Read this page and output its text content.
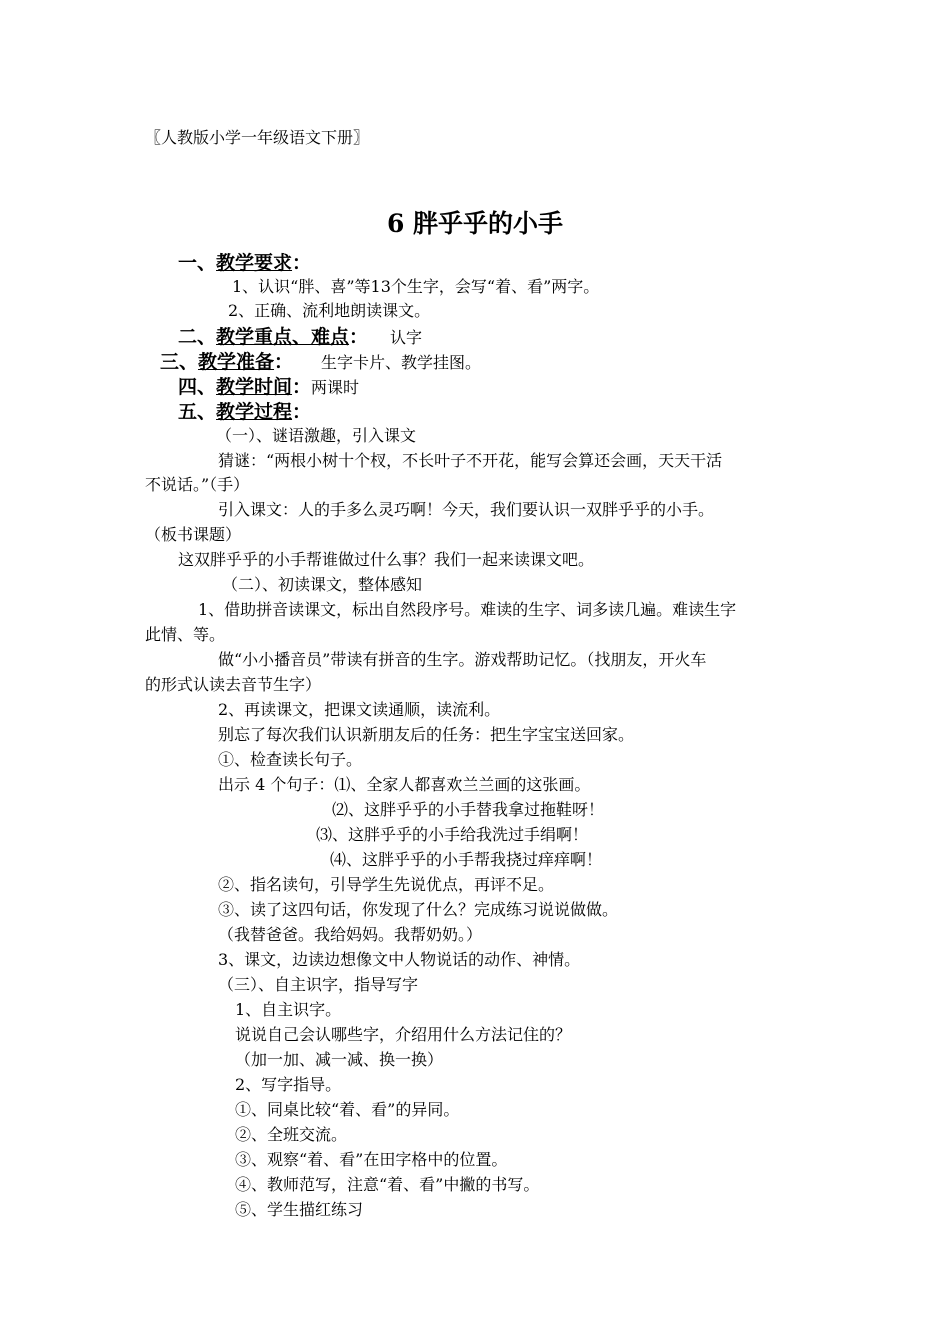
〖人教版小学一年级语文下册〗
6 胖乎乎的小手
一、教学要求：
1、认识“胖、喜”等13个生字，会写“着、看”两字。
2、正确、流利地朗读课文。
二、教学重点、难点： 认字
三、教学准备： 生字卡片、教学挂图。
四、教学时间：两课时
五、教学过程：
（一）、谜语激趣，引入课文
猜谜：“两根小树十个杈，不长叶子不开花，能写会算还会画，天天干活
不说话。”（手）
引入课文：人的手多么灵巧啊！今天，我们要认识一双胖乎乎的小手。
（板书课题）
这双胖乎乎的小手帮谁做过什么事？我们一起来读课文吧。
（二）、初读课文，整体感知
1、借助拼音读课文，标出自然段序号。难读的生字、词多读几遍。难读生字
此情、等。
做“小小播音员”带读有拼音的生字。游戏帮助记忆。（找朋友，开火车
的形式认读去音节生字）
2、再读课文，把课文读通顺，读流利。
别忘了每次我们认识新朋友后的任务：把生字宝宝送回家。
①、检查读长句子。
出示 4 个句子：⑴、全家人都喜欢兰兰画的这张画。
⑵、这胖乎乎的小手替我拿过拖鞋呀！
⑶、这胖乎乎的小手给我洗过手绢啊！
⑷、这胖乎乎的小手帮我挠过痒痒啊！
②、指名读句，引导学生先说优点，再评不足。
③、读了这四句话，你发现了什么？完成练习说说做做。
（我替爸爸。我给妈妈。我帮奶奶。）
3、课文，边读边想像文中人物说话的动作、神情。
（三）、自主识字，指导写字
1、自主识字。
说说自己会认哪些字，介绍用什么方法记住的？
（加一加、减一减、换一换）
2、写字指导。
①、同桌比较“着、看”的异同。
②、全班交流。
③、观察“着、看”在田字格中的位置。
④、教师范写，注意“着、看”中撇的书写。
⑤、学生描红练习
